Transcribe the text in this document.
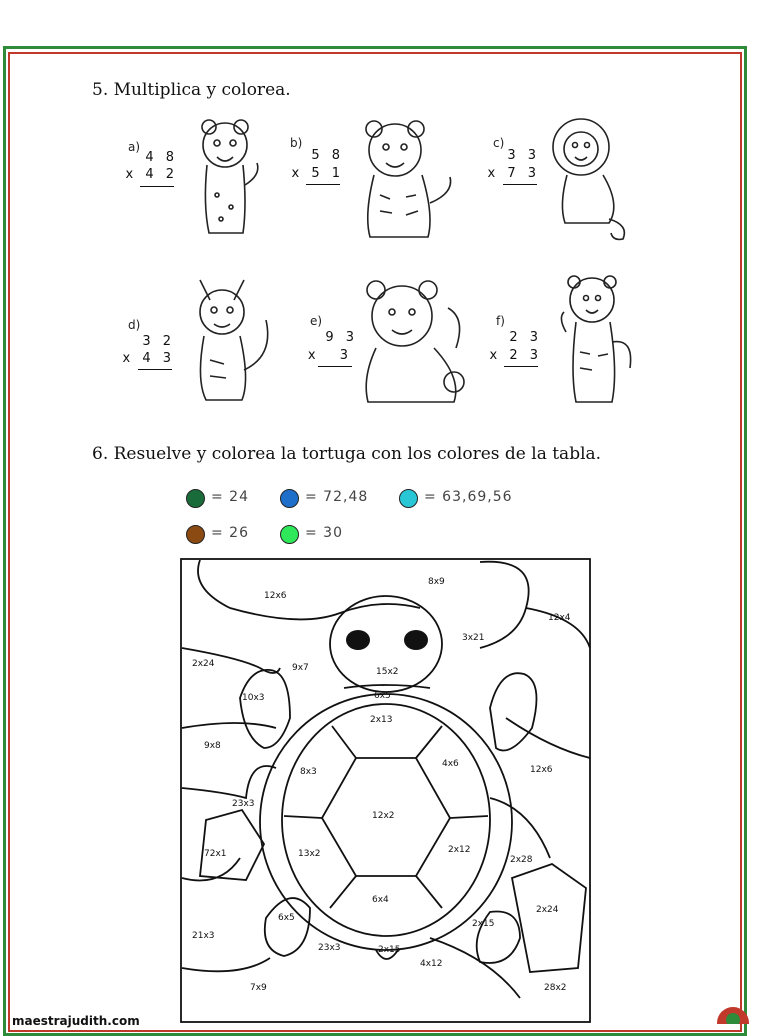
5. Multiplica y colorea.
a)
4 8
x 4 2
b)
5 8
x 5 1
c)
3 3
x 7 3
d)
3 2
x 4 3
e)
9 3
x 3
f)
2 3
x 2 3
6. Resuelve y colorea la tortuga con los colores de la tabla.
= 24	= 72,48	= 63,69,56
= 26	= 30
12x6
8x9
12x4
3x21
2x24	9x7	15x2
10x3	6x5
2x13
9x8
8x3
4x6
12x6
23x3
12x2
72x1	13x2	2x12
2x28
2x24
6x4
6x5
21x3
23x3	2x15
2x15
4x12
7x9	28x2
maestrajudith.com
